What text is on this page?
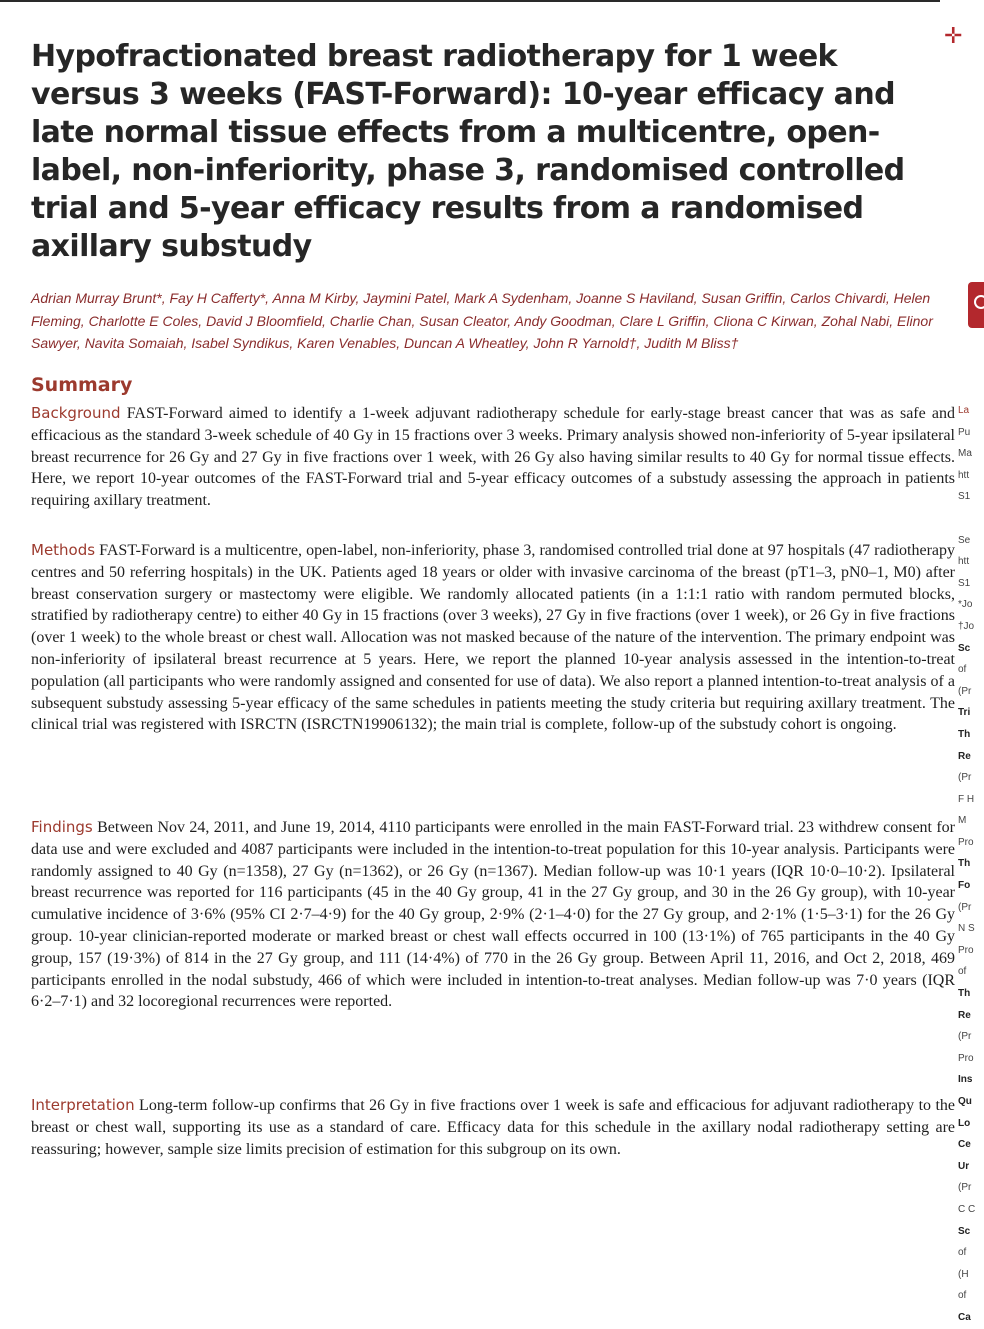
✛
Hypofractionated breast radiotherapy for 1 week versus 3 weeks (FAST-Forward): 10-year efficacy and late normal tissue effects from a multicentre, open-label, non-inferiority, phase 3, randomised controlled trial and 5-year efficacy results from a randomised axillary substudy

Adrian Murray Brunt*, Fay H Cafferty*, Anna M Kirby, Jaymini Patel, Mark A Sydenham, Joanne S Haviland, Susan Griffin, Carlos Chivardi, Helen Fleming, Charlotte E Coles, David J Bloomfield, Charlie Chan, Susan Cleator, Andy Goodman, Clare L Griffin, Cliona C Kirwan, Zohal Nabi, Elinor Sawyer, Navita Somaiah, Isabel Syndikus, Karen Venables, Duncan A Wheatley, John R Yarnold†, Judith M Bliss†

Summary

Background FAST-Forward aimed to identify a 1-week adjuvant radiotherapy schedule for early-stage breast cancer that was as safe and efficacious as the standard 3-week schedule of 40 Gy in 15 fractions over 3 weeks. Primary analysis showed non-inferiority of 5-year ipsilateral breast recurrence for 26 Gy and 27 Gy in five fractions over 1 week, with 26 Gy also having similar results to 40 Gy for normal tissue effects. Here, we report 10-year outcomes of the FAST-Forward trial and 5-year efficacy outcomes of a substudy assessing the approach in patients requiring axillary treatment.

Methods FAST-Forward is a multicentre, open-label, non-inferiority, phase 3, randomised controlled trial done at 97 hospitals (47 radiotherapy centres and 50 referring hospitals) in the UK. Patients aged 18 years or older with invasive carcinoma of the breast (pT1–3, pN0–1, M0) after breast conservation surgery or mastectomy were eligible. We randomly allocated patients (in a 1:1:1 ratio with random permuted blocks, stratified by radiotherapy centre) to either 40 Gy in 15 fractions (over 3 weeks), 27 Gy in five fractions (over 1 week), or 26 Gy in five fractions (over 1 week) to the whole breast or chest wall. Allocation was not masked because of the nature of the intervention. The primary endpoint was non-inferiority of ipsilateral breast recurrence at 5 years. Here, we report the planned 10-year analysis assessed in the intention-to-treat population (all participants who were randomly assigned and consented for use of data). We also report a planned intention-to-treat analysis of a subsequent substudy assessing 5-year efficacy of the same schedules in patients meeting the study criteria but requiring axillary treatment. The clinical trial was registered with ISRCTN (ISRCTN19906132); the main trial is complete, follow-up of the substudy cohort is ongoing.

Findings Between Nov 24, 2011, and June 19, 2014, 4110 participants were enrolled in the main FAST-Forward trial. 23 withdrew consent for data use and were excluded and 4087 participants were included in the intention-to-treat population for this 10-year analysis. Participants were randomly assigned to 40 Gy (n=1358), 27 Gy (n=1362), or 26 Gy (n=1367). Median follow-up was 10·1 years (IQR 10·0–10·2). Ipsilateral breast recurrence was reported for 116 participants (45 in the 40 Gy group, 41 in the 27 Gy group, and 30 in the 26 Gy group), with 10-year cumulative incidence of 3·6% (95% CI 2·7–4·9) for the 40 Gy group, 2·9% (2·1–4·0) for the 27 Gy group, and 2·1% (1·5–3·1) for the 26 Gy group. 10-year clinician-reported moderate or marked breast or chest wall effects occurred in 100 (13·1%) of 765 participants in the 40 Gy group, 157 (19·3%) of 814 in the 27 Gy group, and 111 (14·4%) of 770 in the 26 Gy group. Between April 11, 2016, and Oct 2, 2018, 469 participants enrolled in the nodal substudy, 466 of which were included in intention-to-treat analyses. Median follow-up was 7·0 years (IQR 6·2–7·1) and 32 locoregional recurrences were reported.

Interpretation Long-term follow-up confirms that 26 Gy in five fractions over 1 week is safe and efficacious for adjuvant radiotherapy to the breast or chest wall, supporting its use as a standard of care. Efficacy data for this schedule in the axillary nodal radiotherapy setting are reassuring; however, sample size limits precision of estimation for this subgroup on its own.

La
Pu
Ma
htt
S1

Se
htt
S1
*Jo
†Jo
Sc
of
(Pr
Tri
Th
Re
(Pr
F H
M
Pro
Th
Fo
(Pr
N S
Pro
of
Th
Re
(Pr
Pro
Ins
Qu
Lo
Ce
Ur
(Pr
C C
Sc
of
(H
of
Ca
